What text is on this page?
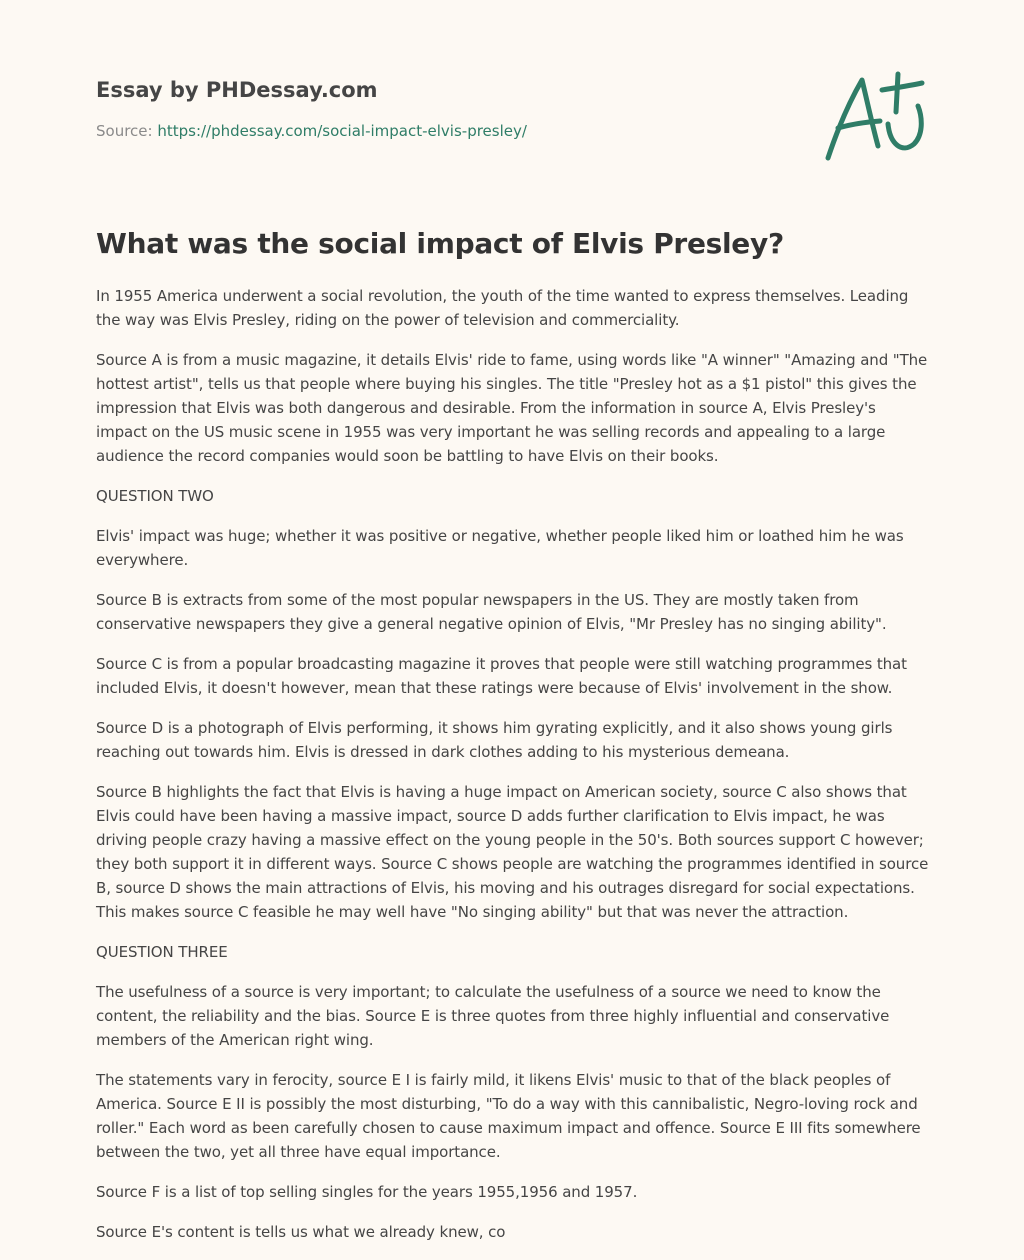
Essay by PHDessay.com
Source: https://phdessay.com/social-impact-elvis-presley/
What was the social impact of Elvis Presley?

In 1955 America underwent a social revolution, the youth of the time wanted to express themselves. Leading the way was Elvis Presley, riding on the power of television and commerciality.

Source A is from a music magazine, it details Elvis' ride to fame, using words like "A winner" "Amazing and "The hottest artist", tells us that people where buying his singles. The title "Presley hot as a $1 pistol" this gives the impression that Elvis was both dangerous and desirable. From the information in source A, Elvis Presley's impact on the US music scene in 1955 was very important he was selling records and appealing to a large audience the record companies would soon be battling to have Elvis on their books.

QUESTION TWO

Elvis' impact was huge; whether it was positive or negative, whether people liked him or loathed him he was everywhere.

Source B is extracts from some of the most popular newspapers in the US. They are mostly taken from conservative newspapers they give a general negative opinion of Elvis, "Mr Presley has no singing ability".

Source C is from a popular broadcasting magazine it proves that people were still watching programmes that included Elvis, it doesn't however, mean that these ratings were because of Elvis' involvement in the show.

Source D is a photograph of Elvis performing, it shows him gyrating explicitly, and it also shows young girls reaching out towards him. Elvis is dressed in dark clothes adding to his mysterious demeana.

Source B highlights the fact that Elvis is having a huge impact on American society, source C also shows that Elvis could have been having a massive impact, source D adds further clarification to Elvis impact, he was driving people crazy having a massive effect on the young people in the 50's. Both sources support C however; they both support it in different ways. Source C shows people are watching the programmes identified in source B, source D shows the main attractions of Elvis, his moving and his outrages disregard for social expectations. This makes source C feasible he may well have "No singing ability" but that was never the attraction.

QUESTION THREE

The usefulness of a source is very important; to calculate the usefulness of a source we need to know the content, the reliability and the bias. Source E is three quotes from three highly influential and conservative members of the American right wing.

The statements vary in ferocity, source E I is fairly mild, it likens Elvis' music to that of the black peoples of America. Source E II is possibly the most disturbing, "To do a way with this cannibalistic, Negro-loving rock and roller." Each word as been carefully chosen to cause maximum impact and offence. Source E III fits somewhere between the two, yet all three have equal importance.

Source F is a list of top selling singles for the years 1955,1956 and 1957.

Source E's content is tells us what we already knew, co
